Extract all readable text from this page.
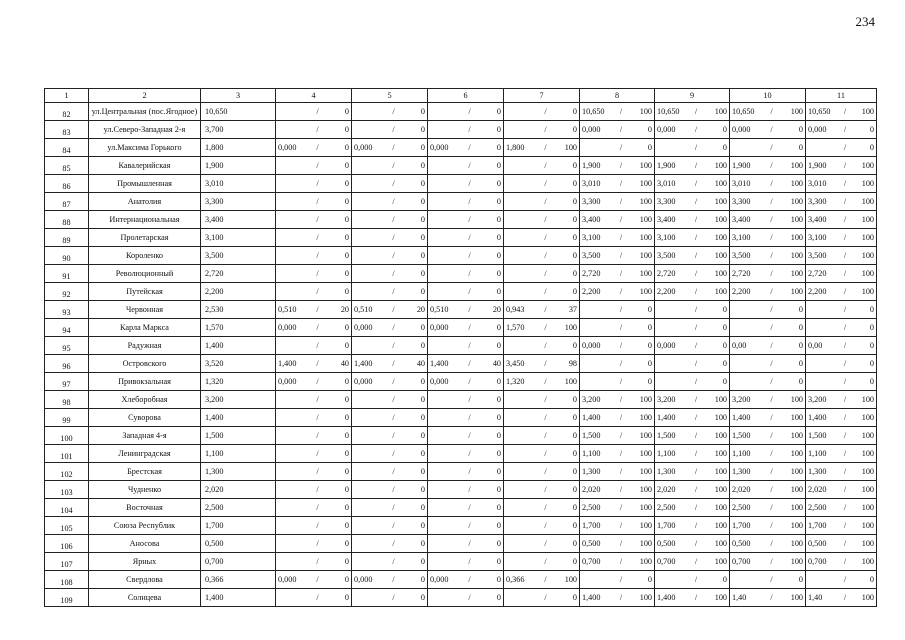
234
1	2	3	4	5	6	7	8	9	10	11
82	ул.Центральная (пос.Ягодное)	10,650	/ 0	/ 0	/ 0	/ 0	10,650 / 100	10,650 / 100	10,650 / 100	10,650 / 100

83	ул.Северо-Западная 2-я	3,700	/ 0	/ 0	/ 0	/ 0	0,000 / 0	0,000 / 0	0,000 / 0	0,000 / 0

84	ул.Максима Горького	1,800	0,000 / 0	0,000 / 0	0,000 / 0	1,800 / 100	/ 0	/ 0	/ 0	/ 0

85	Кавалерийская	1,900	/ 0	/ 0	/ 0	/ 0	1,900 / 100	1,900 / 100	1,900 / 100	1,900 / 100

86	Промышленная	3,010	/ 0	/ 0	/ 0	/ 0	3,010 / 100	3,010 / 100	3,010 / 100	3,010 / 100

87	Анатолия	3,300	/ 0	/ 0	/ 0	/ 0	3,300 / 100	3,300 / 100	3,300 / 100	3,300 / 100

88	Интернациональная	3,400	/ 0	/ 0	/ 0	/ 0	3,400 / 100	3,400 / 100	3,400 / 100	3,400 / 100

89	Пролетарская	3,100	/ 0	/ 0	/ 0	/ 0	3,100 / 100	3,100 / 100	3,100 / 100	3,100 / 100

90	Короленко	3,500	/ 0	/ 0	/ 0	/ 0	3,500 / 100	3,500 / 100	3,500 / 100	3,500 / 100

91	Революционный	2,720	/ 0	/ 0	/ 0	/ 0	2,720 / 100	2,720 / 100	2,720 / 100	2,720 / 100

92	Путейская	2,200	/ 0	/ 0	/ 0	/ 0	2,200 / 100	2,200 / 100	2,200 / 100	2,200 / 100

93	Червонная	2,530	0,510 / 20	0,510 / 20	0,510 / 20	0,943 / 37	/ 0	/ 0	/ 0	/ 0

94	Карла Маркса	1,570	0,000 / 0	0,000 / 0	0,000 / 0	1,570 / 100	/ 0	/ 0	/ 0	/ 0

95	Радужная	1,400	/ 0	/ 0	/ 0	/ 0	0,000 / 0	0,000 / 0	0,00 / 0	0,00 / 0

96	Островского	3,520	1,400 / 40	1,400 / 40	1,400 / 40	3,450 / 98	/ 0	/ 0	/ 0	/ 0

97	Привокзальная	1,320	0,000 / 0	0,000 / 0	0,000 / 0	1,320 / 100	/ 0	/ 0	/ 0	/ 0

98	Хлеборобная	3,200	/ 0	/ 0	/ 0	/ 0	3,200 / 100	3,200 / 100	3,200 / 100	3,200 / 100

99	Суворова	1,400	/ 0	/ 0	/ 0	/ 0	1,400 / 100	1,400 / 100	1,400 / 100	1,400 / 100

100	Западная 4-я	1,500	/ 0	/ 0	/ 0	/ 0	1,500 / 100	1,500 / 100	1,500 / 100	1,500 / 100

101	Ленинградская	1,100	/ 0	/ 0	/ 0	/ 0	1,100 / 100	1,100 / 100	1,100 / 100	1,100 / 100

102	Брестская	1,300	/ 0	/ 0	/ 0	/ 0	1,300 / 100	1,300 / 100	1,300 / 100	1,300 / 100

103	Чудненко	2,020	/ 0	/ 0	/ 0	/ 0	2,020 / 100	2,020 / 100	2,020 / 100	2,020 / 100

104	Восточная	2,500	/ 0	/ 0	/ 0	/ 0	2,500 / 100	2,500 / 100	2,500 / 100	2,500 / 100

105	Союза Республик	1,700	/ 0	/ 0	/ 0	/ 0	1,700 / 100	1,700 / 100	1,700 / 100	1,700 / 100

106	Аносова	0,500	/ 0	/ 0	/ 0	/ 0	0,500 / 100	0,500 / 100	0,500 / 100	0,500 / 100

107	Ярных	0,700	/ 0	/ 0	/ 0	/ 0	0,700 / 100	0,700 / 100	0,700 / 100	0,700 / 100

108	Свердлова	0,366	0,000 / 0	0,000 / 0	0,000 / 0	0,366 / 100	/ 0	/ 0	/ 0	/ 0

109	Солнцева	1,400	/ 0	/ 0	/ 0	/ 0	1,400 / 100	1,400 / 100	1,40 / 100	1,40 / 100
